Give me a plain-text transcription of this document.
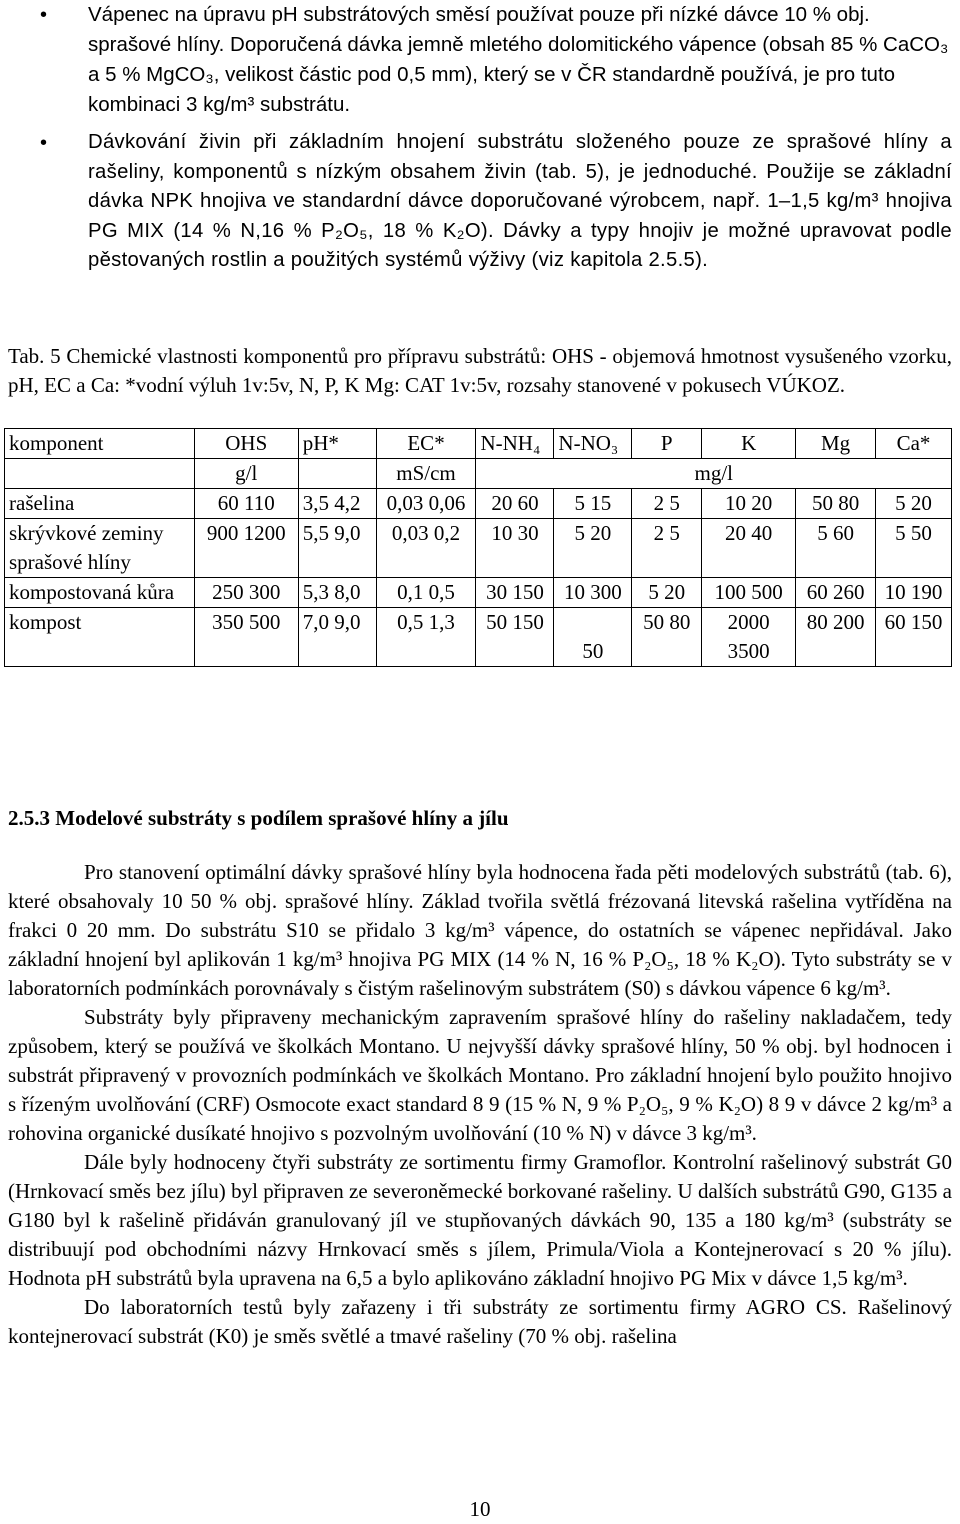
• Vápenec na úpravu pH substrátových směsí používat pouze při nízké dávce 10 % obj. sprašové hlíny. Doporučená dávka jemně mletého dolomitického vápence (obsah 85 % CaCO₃ a 5 % MgCO₃, velikost částic pod 0,5 mm), který se v ČR standardně používá, je pro tuto kombinaci 3 kg/m³ substrátu.
• Dávkování živin při základním hnojení substrátu složeného pouze ze sprašové hlíny a rašeliny, komponentů s nízkým obsahem živin (tab. 5), je jednoduché. Použije se základní dávka NPK hnojiva ve standardní dávce doporučované výrobcem, např. 1–1,5 kg/m³ hnojiva PG MIX (14 % N,16 % P₂O₅, 18 % K₂O). Dávky a typy hnojiv je možné upravovat podle pěstovaných rostlin a použitých systémů výživy (viz kapitola 2.5.5).
Tab. 5 Chemické vlastnosti komponentů pro přípravu substrátů: OHS - objemová hmotnost vysušeného vzorku, pH, EC a Ca: *vodní výluh 1v:5v, N, P, K Mg: CAT 1v:5v, rozsahy stanovené v pokusech VÚKOZ.
komponent	OHS	pH*	EC*	N-NH₄	N-NO₃	P	K	Mg	Ca*
	g/l		mS/cm	mg/l					
rašelina	60 110	3,5 4,2	0,03 0,06	20 60	5 15	2 5	10 20	50 80	5 20
skrývkové zeminy sprašové hlíny	900 1200	5,5 9,0	0,03 0,2	10 30	5 20	2 5	20 40	5 60	5 50
kompostovaná kůra	250 300	5,3 8,0	0,1 0,5	30 150	10 300	5 20	100 500	60 260	10 190
kompost	350 500	7,0 9,0	0,5 1,3	50 150	50	50 80	2000 3500	80 200	60 150
2.5.3 Modelové substráty s podílem sprašové hlíny a jílu

Pro stanovení optimální dávky sprašové hlíny byla hodnocena řada pěti modelových substrátů (tab. 6), které obsahovaly 10 50 % obj. sprašové hlíny. Základ tvořila světlá frézovaná litevská rašelina vytříděna na frakci 0 20 mm. Do substrátu S10 se přidalo 3 kg/m³ vápence, do ostatních se vápenec nepřidával. Jako základní hnojení byl aplikován 1 kg/m³ hnojiva PG MIX (14 % N, 16 % P₂O₅, 18 % K₂O). Tyto substráty se v laboratorních podmínkách porovnávaly s čistým rašelinovým substrátem (S0) s dávkou vápence 6 kg/m³.

Substráty byly připraveny mechanickým zapravením sprašové hlíny do rašeliny nakladačem, tedy způsobem, který se používá ve školkách Montano. U nejvyšší dávky sprašové hlíny, 50 % obj. byl hodnocen i substrát připravený v provozních podmínkách ve školkách Montano. Pro základní hnojení bylo použito hnojivo s řízeným uvolňování (CRF) Osmocote exact standard 8 9 (15 % N, 9 % P₂O₅, 9 % K₂O) 8 9 v dávce 2 kg/m³ a rohovina organické dusíkaté hnojivo s pozvolným uvolňování (10 % N) v dávce 3 kg/m³.

Dále byly hodnoceny čtyři substráty ze sortimentu firmy Gramoflor. Kontrolní rašelinový substrát G0 (Hrnkovací směs bez jílu) byl připraven ze severoněmecké borkované rašeliny. U dalších substrátů G90, G135 a G180 byl k rašelině přidáván granulovaný jíl ve stupňovaných dávkách 90, 135 a 180 kg/m³ (substráty se distribuují pod obchodními názvy Hrnkovací směs s jílem, Primula/Viola a Kontejnerovací s 20 % jílu). Hodnota pH substrátů byla upravena na 6,5 a bylo aplikováno základní hnojivo PG Mix v dávce 1,5 kg/m³.

Do laboratorních testů byly zařazeny i tři substráty ze sortimentu firmy AGRO CS. Rašelinový kontejnerovací substrát (K0) je směs světlé a tmavé rašeliny (70 % obj. rašelina

10
